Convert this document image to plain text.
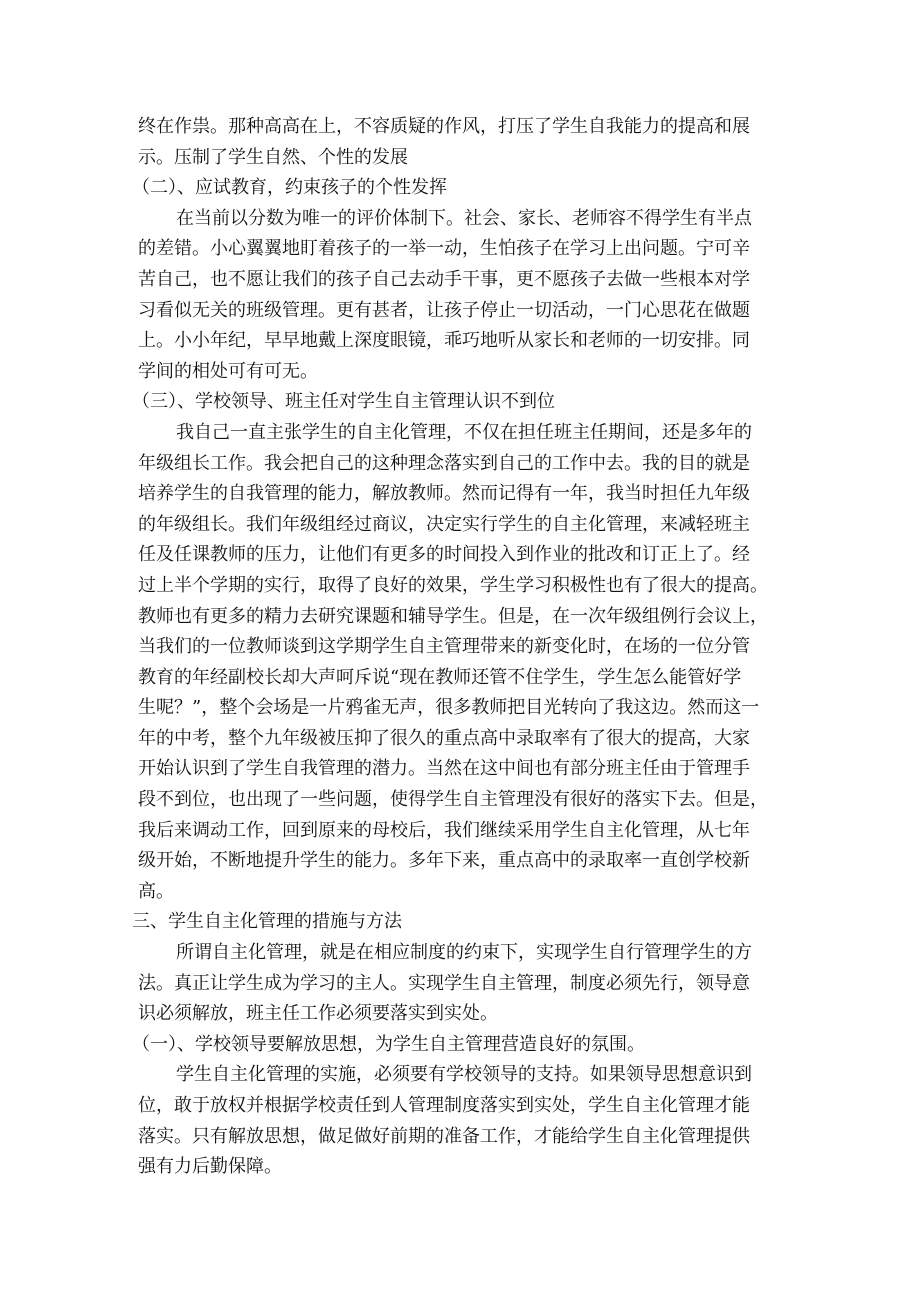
终在作祟。那种高高在上，不容质疑的作风，打压了学生自我能力的提高和展
示。压制了学生自然、个性的发展
（二）、应试教育，约束孩子的个性发挥
在当前以分数为唯一的评价体制下。社会、家长、老师容不得学生有半点
的差错。小心翼翼地盯着孩子的一举一动，生怕孩子在学习上出问题。宁可辛
苦自己，也不愿让我们的孩子自己去动手干事，更不愿孩子去做一些根本对学
习看似无关的班级管理。更有甚者，让孩子停止一切活动，一门心思花在做题
上。小小年纪，早早地戴上深度眼镜，乖巧地听从家长和老师的一切安排。同
学间的相处可有可无。
（三）、学校领导、班主任对学生自主管理认识不到位
我自己一直主张学生的自主化管理，不仅在担任班主任期间，还是多年的
年级组长工作。我会把自己的这种理念落实到自己的工作中去。我的目的就是
培养学生的自我管理的能力，解放教师。然而记得有一年，我当时担任九年级
的年级组长。我们年级组经过商议，决定实行学生的自主化管理，来减轻班主
任及任课教师的压力，让他们有更多的时间投入到作业的批改和订正上了。经
过上半个学期的实行，取得了良好的效果，学生学习积极性也有了很大的提高。
教师也有更多的精力去研究课题和辅导学生。但是，在一次年级组例行会议上，
当我们的一位教师谈到这学期学生自主管理带来的新变化时，在场的一位分管
教育的年经副校长却大声呵斥说“现在教师还管不住学生，学生怎么能管好学
生呢？”，整个会场是一片鸦雀无声，很多教师把目光转向了我这边。然而这一
年的中考，整个九年级被压抑了很久的重点高中录取率有了很大的提高，大家
开始认识到了学生自我管理的潜力。当然在这中间也有部分班主任由于管理手
段不到位，也出现了一些问题，使得学生自主管理没有很好的落实下去。但是，
我后来调动工作，回到原来的母校后，我们继续采用学生自主化管理，从七年
级开始，不断地提升学生的能力。多年下来，重点高中的录取率一直创学校新
高。
三、学生自主化管理的措施与方法
所谓自主化管理，就是在相应制度的约束下，实现学生自行管理学生的方
法。真正让学生成为学习的主人。实现学生自主管理，制度必须先行，领导意
识必须解放，班主任工作必须要落实到实处。
（一）、学校领导要解放思想，为学生自主管理营造良好的氛围。
学生自主化管理的实施，必须要有学校领导的支持。如果领导思想意识到
位，敢于放权并根据学校责任到人管理制度落实到实处，学生自主化管理才能
落实。只有解放思想，做足做好前期的准备工作，才能给学生自主化管理提供
强有力后勤保障。
